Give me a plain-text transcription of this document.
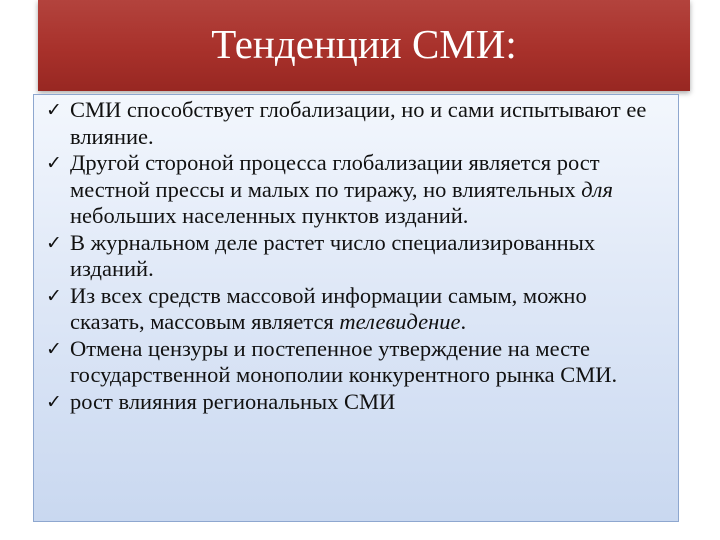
Тенденции СМИ:
✓ СМИ способствует глобализации, но и сами испытывают ее влияние.
✓ Другой стороной процесса глобализации является рост местной прессы и малых по тиражу, но влиятельных для небольших населенных пунктов изданий.
✓ В журнальном деле растет число специализированных изданий.
✓ Из всех средств массовой информации самым, можно сказать, массовым является телевидение.
✓ Отмена цензуры и постепенное утверждение на месте государственной монополии конкурентного рынка СМИ.
✓ рост влияния региональных СМИ
